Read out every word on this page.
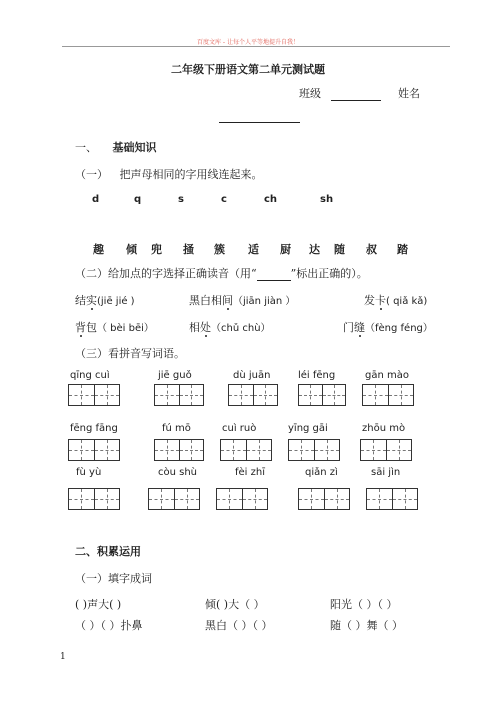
百度文库 - 让每个人平等地提升自我！
二年级下册语文第二单元测试题
班级	姓名
一、 基础知识
（一） 把声母相同的字用线连起来。
d	q	s	c	ch	sh
趣 倾 兜 掻 簇 适 厨 达 随 叔 踏
（二）给加点的字选择正确读音（用“	”标出正确的）。
结实(jiē jié )	黑白相间（jiān jiàn ）	发卡( qiǎ kǎ)
背包（ bèi bēi）	相处（chǔ chù）	门缝（fèng féng）
（三）看拼音写词语。
qīng cuì	jiē guǒ	dù juān	léi fēng	gān mào
fēng fāng	fú mō	cuì ruò	yīng gāi	zhōu mò
fù yù	còu shù	fèi zhī	qiǎn zì	sāi jìn
二、积累运用
（一）填字成词
( )声大( )	倾( )大（ ）	阳光（ ）（ ）
（ ）（ ）扑鼻	黑白（ ）（ ）	随（ ）舞（ ）
1
